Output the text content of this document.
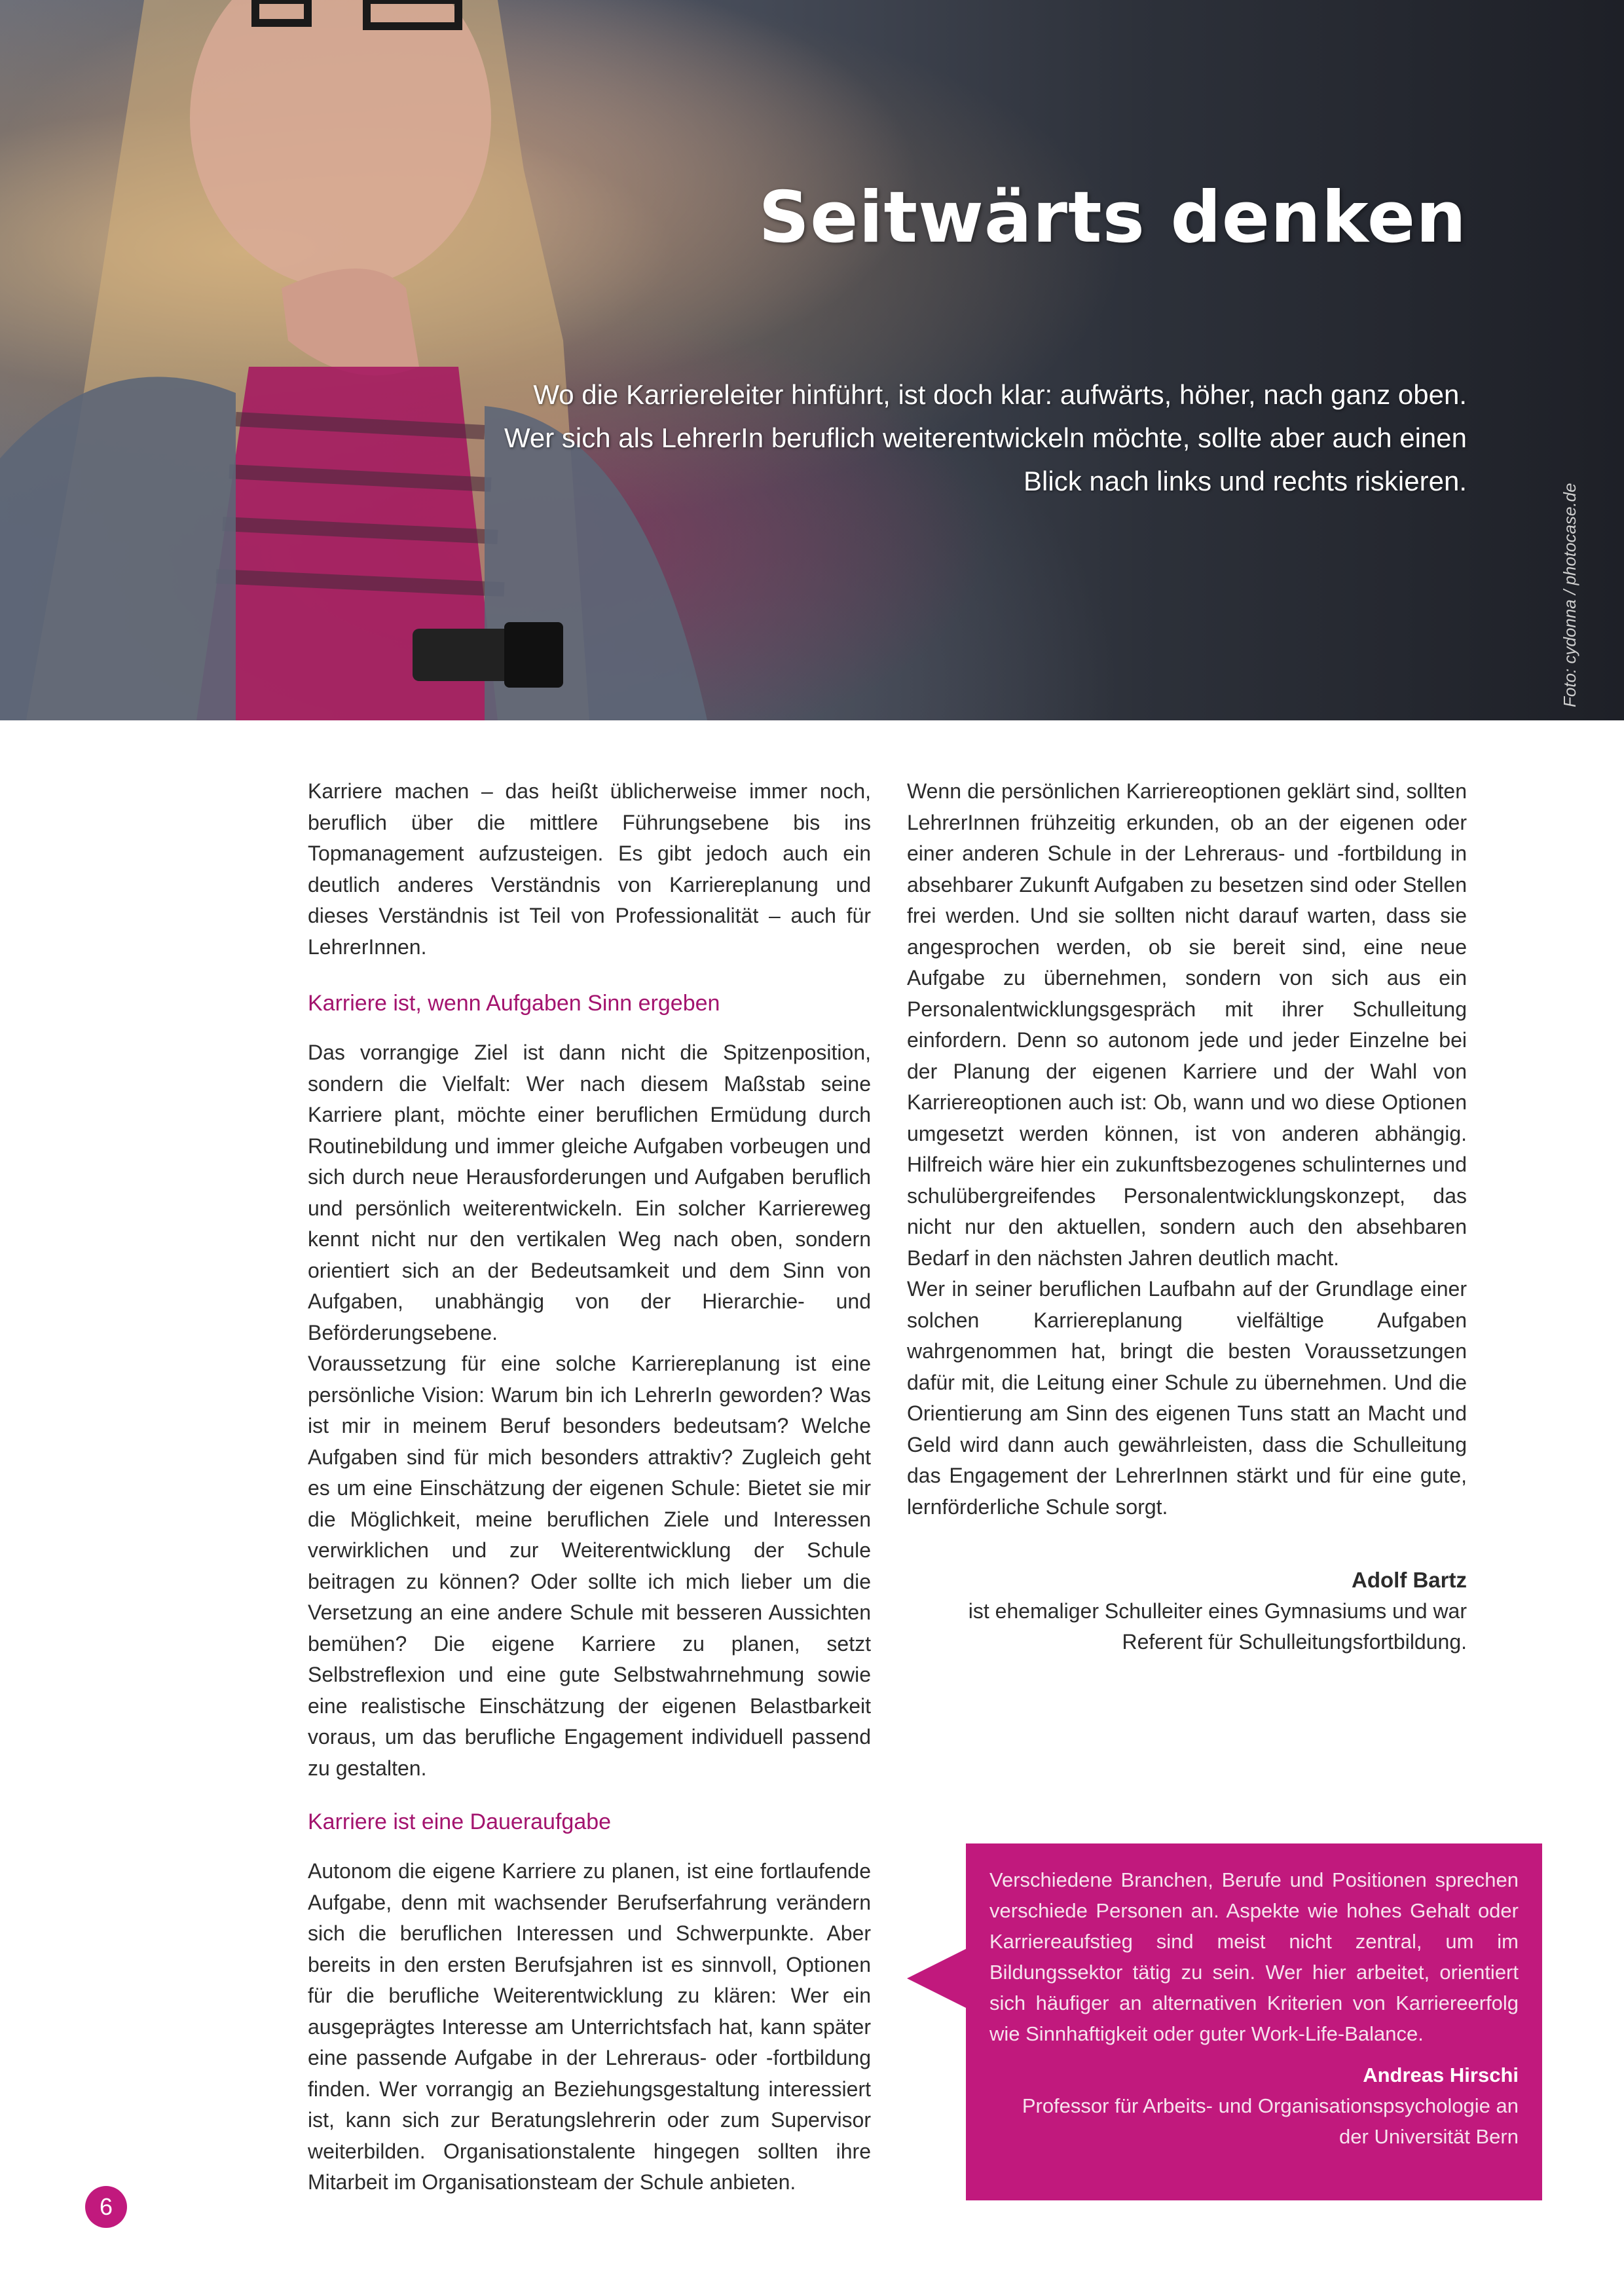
Seitwärts denken

Wo die Karriereleiter hinführt, ist doch klar: aufwärts, höher, nach ganz oben. Wer sich als LehrerIn beruflich weiterentwickeln möchte, sollte aber auch einen Blick nach links und rechts riskieren.

Foto: cydonna / photocase.de

Karriere machen – das heißt üblicherweise immer noch, beruflich über die mittlere Führungsebene bis ins Topmanagement aufzusteigen. Es gibt jedoch auch ein deutlich anderes Verständnis von Karriereplanung und dieses Verständnis ist Teil von Professionalität – auch für LehrerInnen.

Karriere ist, wenn Aufgaben Sinn ergeben

Das vorrangige Ziel ist dann nicht die Spitzenposition, sondern die Vielfalt: Wer nach diesem Maßstab seine Karriere plant, möchte einer beruflichen Ermüdung durch Routinebildung und immer gleiche Aufgaben vorbeugen und sich durch neue Herausforderungen und Aufgaben beruflich und persönlich weiterentwickeln. Ein solcher Karriereweg kennt nicht nur den vertikalen Weg nach oben, sondern orientiert sich an der Bedeutsamkeit und dem Sinn von Aufgaben, unabhängig von der Hierarchie- und Beförderungsebene.

Voraussetzung für eine solche Karriereplanung ist eine persönliche Vision: Warum bin ich LehrerIn geworden? Was ist mir in meinem Beruf besonders bedeutsam? Welche Aufgaben sind für mich besonders attraktiv? Zugleich geht es um eine Einschätzung der eigenen Schule: Bietet sie mir die Möglichkeit, meine beruflichen Ziele und Interessen verwirklichen und zur Weiterentwicklung der Schule beitragen zu können? Oder sollte ich mich lieber um die Versetzung an eine andere Schule mit besseren Aussichten bemühen? Die eigene Karriere zu planen, setzt Selbstreflexion und eine gute Selbstwahrnehmung sowie eine realistische Einschätzung der eigenen Belastbarkeit voraus, um das berufliche Engagement individuell passend zu gestalten.

Karriere ist eine Daueraufgabe

Autonom die eigene Karriere zu planen, ist eine fortlaufende Aufgabe, denn mit wachsender Berufserfahrung verändern sich die beruflichen Interessen und Schwerpunkte. Aber bereits in den ersten Berufsjahren ist es sinnvoll, Optionen für die berufliche Weiterentwicklung zu klären: Wer ein ausgeprägtes Interesse am Unterrichtsfach hat, kann später eine passende Aufgabe in der Lehreraus- oder -fortbildung finden. Wer vorrangig an Beziehungsgestaltung interessiert ist, kann sich zur Beratungslehrerin oder zum Supervisor weiterbilden. Organisationstalente hingegen sollten ihre Mitarbeit im Organisationsteam der Schule anbieten.

Wenn die persönlichen Karriereoptionen geklärt sind, sollten LehrerInnen frühzeitig erkunden, ob an der eigenen oder einer anderen Schule in der Lehreraus- und -fortbildung in absehbarer Zukunft Aufgaben zu besetzen sind oder Stellen frei werden. Und sie sollten nicht darauf warten, dass sie angesprochen werden, ob sie bereit sind, eine neue Aufgabe zu übernehmen, sondern von sich aus ein Personalentwicklungsgespräch mit ihrer Schulleitung einfordern. Denn so autonom jede und jeder Einzelne bei der Planung der eigenen Karriere und der Wahl von Karriereoptionen auch ist: Ob, wann und wo diese Optionen umgesetzt werden können, ist von anderen abhängig. Hilfreich wäre hier ein zukunftsbezogenes schulinternes und schulübergreifendes Personalentwicklungskonzept, das nicht nur den aktuellen, sondern auch den absehbaren Bedarf in den nächsten Jahren deutlich macht.

Wer in seiner beruflichen Laufbahn auf der Grundlage einer solchen Karriereplanung vielfältige Aufgaben wahrgenommen hat, bringt die besten Voraussetzungen dafür mit, die Leitung einer Schule zu übernehmen. Und die Orientierung am Sinn des eigenen Tuns statt an Macht und Geld wird dann auch gewährleisten, dass die Schulleitung das Engagement der LehrerInnen stärkt und für eine gute, lernförderliche Schule sorgt.

Adolf Bartz
ist ehemaliger Schulleiter eines Gymnasiums und war Referent für Schulleitungsfortbildung.

Verschiedene Branchen, Berufe und Positionen sprechen verschiede Personen an. Aspekte wie hohes Gehalt oder Karriereaufstieg sind meist nicht zentral, um im Bildungssektor tätig zu sein. Wer hier arbeitet, orientiert sich häufiger an alternativen Kriterien von Karriereerfolg wie Sinnhaftigkeit oder guter Work-Life-Balance.

Andreas Hirschi
Professor für Arbeits- und Organisationspsychologie an der Universität Bern
6
